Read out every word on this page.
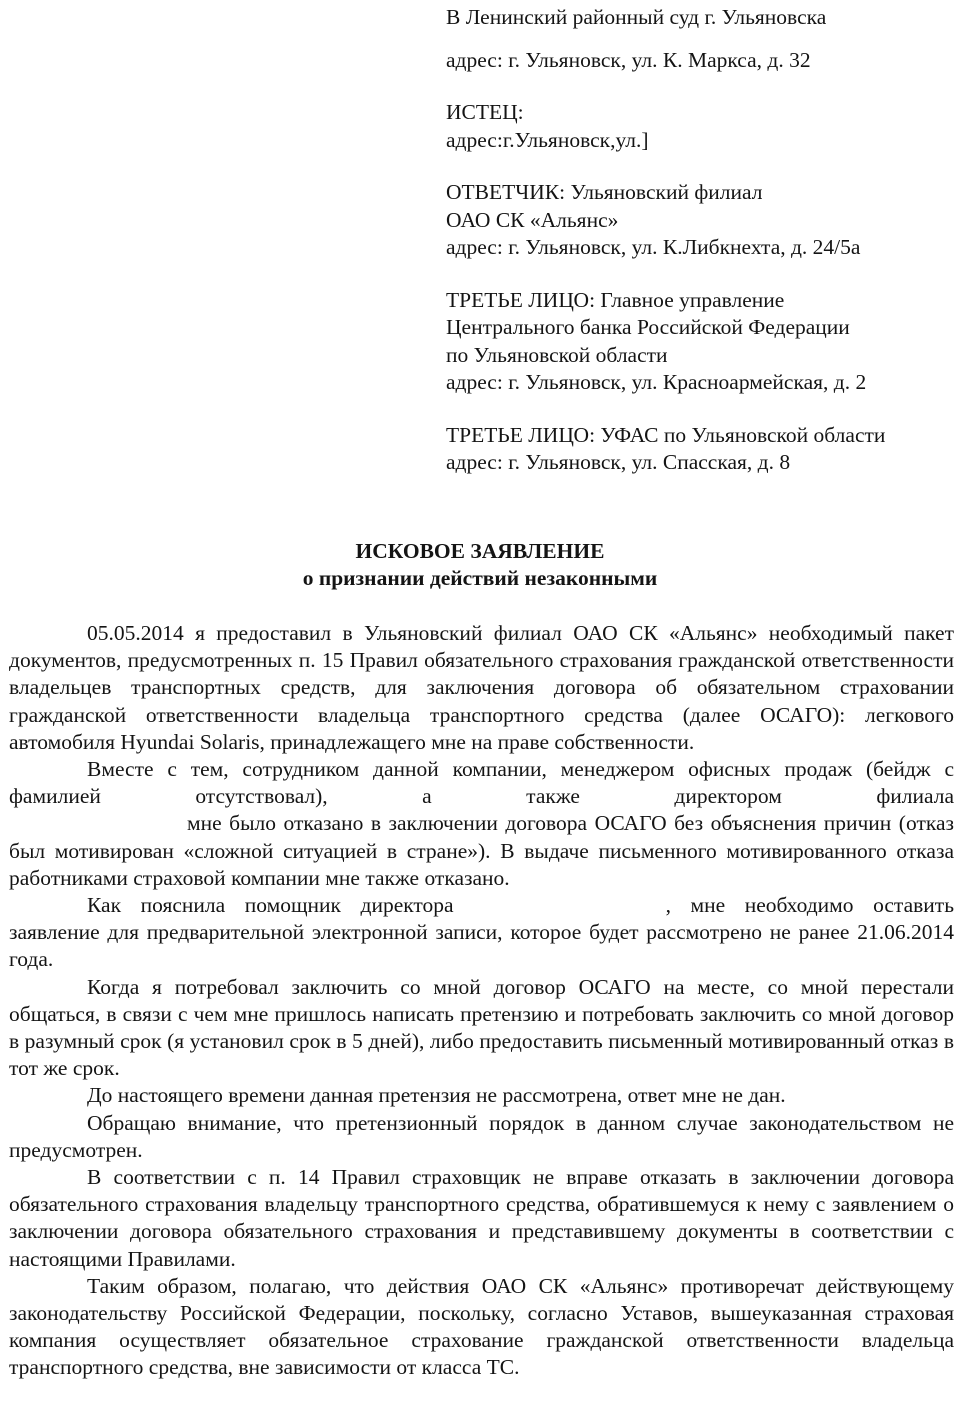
В Ленинский районный суд г. Ульяновска
адрес: г. Ульяновск, ул. К. Маркса, д. 32
ИСТЕЦ:
адрес:г.Ульяновск,ул.]
ОТВЕТЧИК: Ульяновский филиал
ОАО СК «Альянс»
адрес: г. Ульяновск, ул. К.Либкнехта, д. 24/5а
ТРЕТЬЕ ЛИЦО: Главное управление
Центрального банка Российской Федерации
по Ульяновской области
адрес: г. Ульяновск, ул. Красноармейская, д. 2
ТРЕТЬЕ ЛИЦО: УФАС по Ульяновской области
адрес: г. Ульяновск, ул. Спасская, д. 8
ИСКОВОЕ ЗАЯВЛЕНИЕ
о признании действий незаконными

05.05.2014 я предоставил в Ульяновский филиал ОАО СК «Альянс» необходимый пакет документов, предусмотренных п. 15 Правил обязательного страхования гражданской ответственности владельцев транспортных средств, для заключения договора об обязательном страховании гражданской ответственности владельца транспортного средства (далее ОСАГО): легкового автомобиля Hyundai Solaris, принадлежащего мне на праве собственности.

Вместе с тем, сотрудником данной компании, менеджером офисных продаж (бейдж с фамилией отсутствовал), а также директором филиала

мне было отказано в заключении договора ОСАГО без объяснения причин (отказ был мотивирован «сложной ситуацией в стране»). В выдаче письменного мотивированного отказа работниками страховой компании мне также отказано.

Как пояснила помощник директора	, мне необходимо оставить заявление для предварительной электронной записи, которое будет рассмотрено не ранее 21.06.2014 года.

Когда я потребовал заключить со мной договор ОСАГО на месте, со мной перестали общаться, в связи с чем мне пришлось написать претензию и потребовать заключить со мной договор в разумный срок (я установил срок в 5 дней), либо предоставить письменный мотивированный отказ в тот же срок.

До настоящего времени данная претензия не рассмотрена, ответ мне не дан.

Обращаю внимание, что претензионный порядок в данном случае законодательством не предусмотрен.

В соответствии с п. 14 Правил страховщик не вправе отказать в заключении договора обязательного страхования владельцу транспортного средства, обратившемуся к нему с заявлением о заключении договора обязательного страхования и представившему документы в соответствии с настоящими Правилами.

Таким образом, полагаю, что действия ОАО СК «Альянс» противоречат действующему законодательству Российской Федерации, поскольку, согласно Уставов, вышеуказанная страховая компания осуществляет обязательное страхование гражданской ответственности владельца транспортного средства, вне зависимости от класса ТС.
